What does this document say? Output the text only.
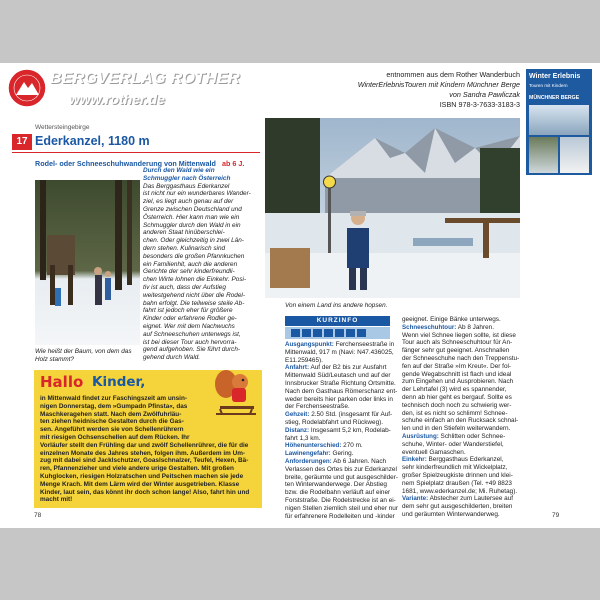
BERGVERLAG ROTHER
www.rother.de
entnommen aus dem Rother Wanderbuch
WinterErlebnisTouren mit Kindern Münchner Berge
von Sandra Pawliczak
ISBN 978-3-7633-3183-3
Winter Erlebnis
Touren mit Kindern
MÜNCHNER BERGE
Wettersteingebirge
17 Ederkanzel, 1180 m
Rodel- oder Schneeschuhwanderung von Mittenwald ab 6 J.
Wie heißt der Baum, von dem das
Holz stammt?
Durch den Wald wie ein
Schmuggler nach Österreich
Das Berggasthaus Ederkanzel
ist nicht nur ein wunderbares Wander-
ziel, es liegt auch genau auf der
Grenze zwischen Deutschland und
Österreich. Hier kann man wie ein
Schmuggler durch den Wald in ein
anderen Staat hinüberschlei-
chen. Oder gleichzeitig in zwei Län-
dern stehen. Kulinarisch sind
besonders die großen Pfannkuchen
ein Familienhit, auch die anderen
Gerichte der sehr kinderfreundli-
chen Wirte lohnen die Einkehr. Posi-
tiv ist auch, dass der Aufstieg
weitestgehend nicht über die Rodel-
bahn erfolgt. Die teilweise steile Ab-
fahrt ist jedoch eher für größere
Kinder oder erfahrene Rodler ge-
eignet. Wer mit dem Nachwuchs
auf Schneeschuhen unterwegs ist,
ist bei dieser Tour auch hervorra-
gend aufgehoben. Sie führt durch-
gehend durch Wald.
Hallo Kinder,
in Mittenwald findet zur Faschingszeit am unsin-
nigen Donnerstag, dem »Gumpadn Pfinsta«, das
Maschkeragehen statt. Nach dem Zwölfuhrläu-
ten ziehen heidnische Gestalten durch die Gas-
sen. Angeführt werden sie von Schellenrührern
mit riesigen Ochsenschellen auf dem Rücken. Ihr
Vorläufer stellt den Frühling dar und zwölf Schellenrührer, die für die
einzelnen Monate des Jahres stehen, folgen ihm. Außerdem im Um-
zug mit dabei sind Jacklschutzer, Goaslschnalzer, Teufel, Hexen, Bä-
ren, Pfannenzieher und viele andere urige Gestalten. Mit großen
Kuhglocken, riesigen Holzratschen und Peitschen machen sie jede
Menge Krach. Mit dem Lärm wird der Winter ausgetrieben. Klasse
Kinder, laut sein, das könnt ihr doch schon lange! Also, fahrt hin und
macht mit!
78
Von einem Land ins andere hopsen.
KURZINFO
Ausgangspunkt: Ferchenseestraße in
Mittenwald, 917 m (Navi: N47.436025,
E11.259465).
Anfahrt: Auf der B2 bis zur Ausfahrt
Mittenwald Süd/Leutasch und auf der
Innsbrucker Straße Richtung Ortsmitte.
Nach dem Gasthaus Römerschanz ent-
weder bereits hier parken oder links in
der Ferchenseestraße.
Gehzeit: 2.50 Std. (insgesamt für Auf-
stieg, Rodelabfahrt und Rückweg).
Distanz: Insgesamt 5,2 km, Rodelab-
fahrt 1,3 km.
Höhenunterschied: 270 m.
Lawinengefahr: Gering.
Anforderungen: Ab 6 Jahren. Nach
Verlassen des Ortes bis zur Ederkanzel
breite, geräumte und gut ausgeschilder-
ten Winterwanderwege. Der Abstieg
bzw. die Rodelbahn verläuft auf einer
Forststraße. Die Rodelstrecke ist an ei-
nigen Stellen ziemlich steil und eher nur
für erfahrenere Rodelleiten und -kinder
geeignet. Einige Bänke unterwegs.
Schneeschuhtour: Ab 8 Jahren.
Wenn viel Schnee liegen sollte, ist diese
Tour auch als Schneeschuhtour für An-
fänger sehr gut geeignet. Anschnallen
der Schneeschuhe nach den Treppenstu-
fen auf der Straße »Im Kreut«. Der fol-
gende Wegabschnitt ist flach und ideal
zum Eingehen und Ausprobieren. Nach
der Lehrtafel (3) wird es spannender,
denn ab hier geht es bergauf. Sollte es
technisch doch noch zu schwierig wer-
den, ist es nicht so schlimm! Schnee-
schuhe einfach an den Rucksack schnal-
len und in den Stiefeln weiterwandern.
Ausrüstung: Schlitten oder Schnee-
schuhe, Winter- oder Wanderstiefel,
eventuell Gamaschen.
Einkehr: Berggasthaus Ederkanzel,
sehr kinderfreundlich mit Wickelplatz,
großer Spielzeugkiste drinnen und klei-
nem Spielplatz draußen (Tel. +49 8823
1681, www.ederkanzel.de; Mi. Ruhetag).
Variante: Abstecher zum Lautersee auf
dem sehr gut ausgeschilderten, breiten
und geräumten Winterwanderweg.	79
